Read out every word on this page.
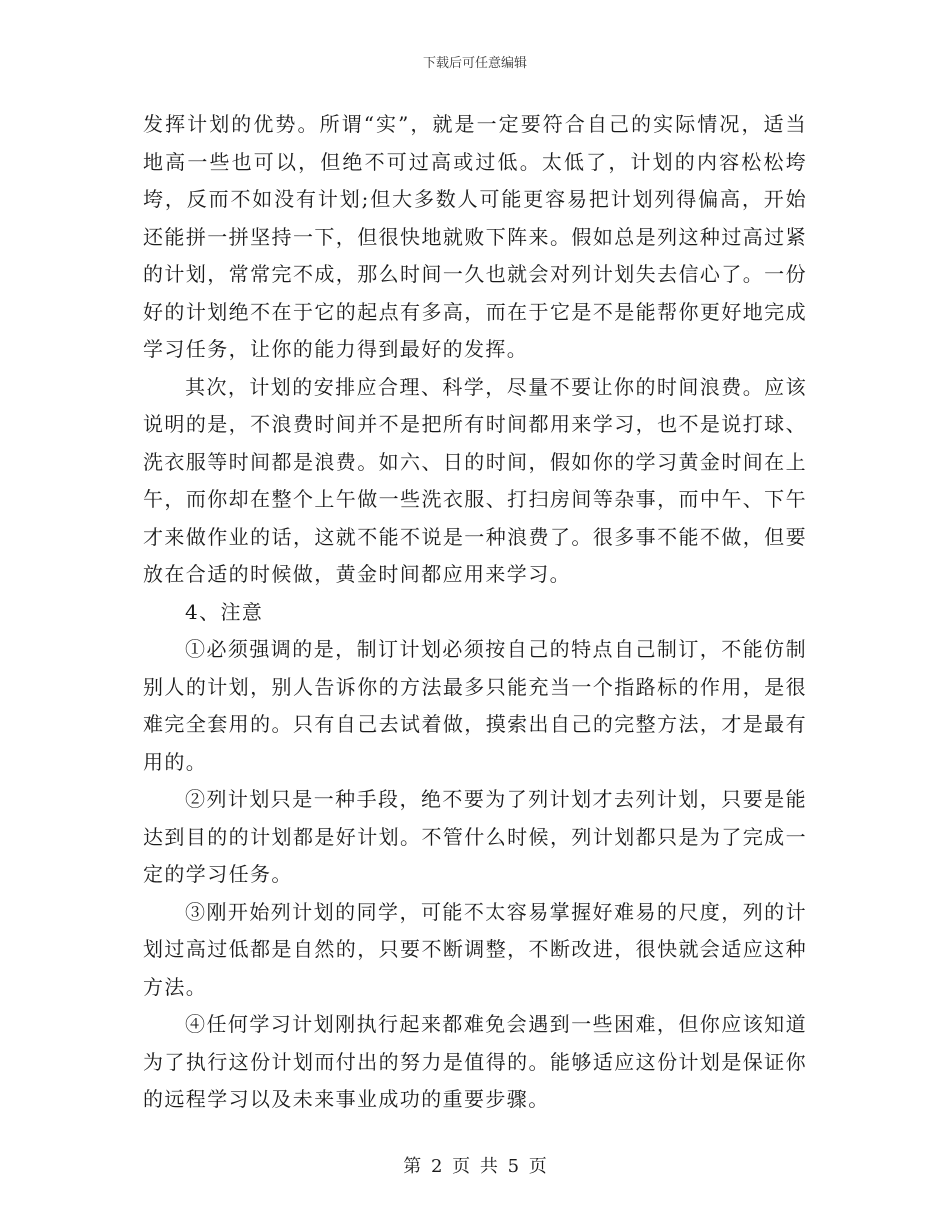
下载后可任意编辑

发挥计划的优势。所谓“实”，就是一定要符合自己的实际情况，适当地高一些也可以，但绝不可过高或过低。太低了，计划的内容松松垮垮，反而不如没有计划;但大多数人可能更容易把计划列得偏高，开始还能拼一拼坚持一下，但很快地就败下阵来。假如总是列这种过高过紧的计划，常常完不成，那么时间一久也就会对列计划失去信心了。一份好的计划绝不在于它的起点有多高，而在于它是不是能帮你更好地完成学习任务，让你的能力得到最好的发挥。

其次，计划的安排应合理、科学，尽量不要让你的时间浪费。应该说明的是，不浪费时间并不是把所有时间都用来学习，也不是说打球、洗衣服等时间都是浪费。如六、日的时间，假如你的学习黄金时间在上午，而你却在整个上午做一些洗衣服、打扫房间等杂事，而中午、下午才来做作业的话，这就不能不说是一种浪费了。很多事不能不做，但要放在合适的时候做，黄金时间都应用来学习。

4、注意

①必须强调的是，制订计划必须按自己的特点自己制订，不能仿制别人的计划，别人告诉你的方法最多只能充当一个指路标的作用，是很难完全套用的。只有自己去试着做，摸索出自己的完整方法，才是最有用的。

②列计划只是一种手段，绝不要为了列计划才去列计划，只要是能达到目的的计划都是好计划。不管什么时候，列计划都只是为了完成一定的学习任务。

③刚开始列计划的同学，可能不太容易掌握好难易的尺度，列的计划过高过低都是自然的，只要不断调整，不断改进，很快就会适应这种方法。

④任何学习计划刚执行起来都难免会遇到一些困难，但你应该知道为了执行这份计划而付出的努力是值得的。能够适应这份计划是保证你的远程学习以及未来事业成功的重要步骤。

第 2 页 共 5 页
